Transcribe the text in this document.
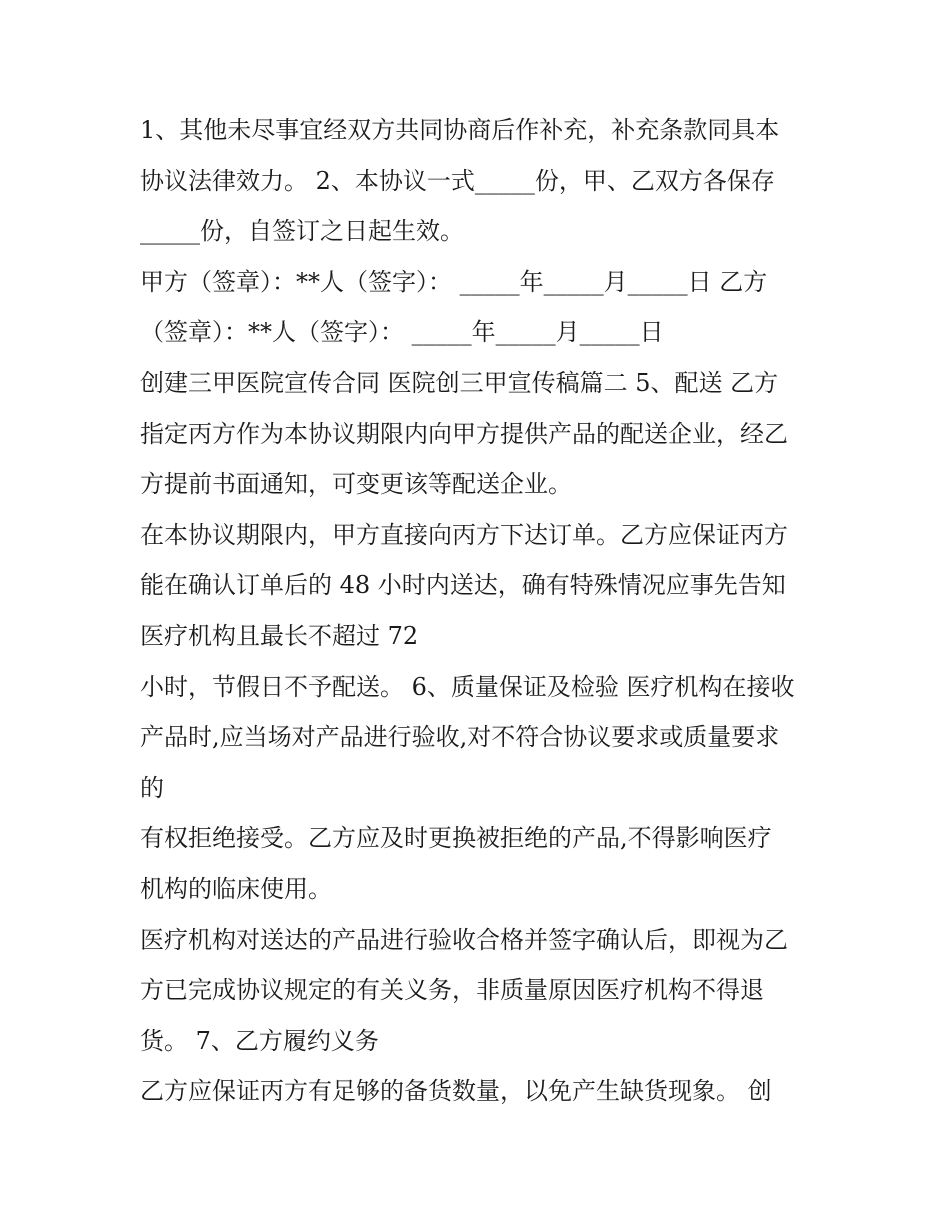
1、其他未尽事宜经双方共同协商后作补充，补充条款同具本
协议法律效力。 2、本协议一式_____份，甲、乙双方各保存
_____份，自签订之日起生效。
甲方（签章）：**人（签字）： _____年_____月_____日 乙方
（签章）：**人（签字）： _____年_____月_____日
创建三甲医院宣传合同 医院创三甲宣传稿篇二 5、配送 乙方
指定丙方作为本协议期限内向甲方提供产品的配送企业，经乙
方提前书面通知，可变更该等配送企业。
在本协议期限内，甲方直接向丙方下达订单。乙方应保证丙方
能在确认订单后的 48 小时内送达，确有特殊情况应事先告知
医疗机构且最长不超过 72
小时，节假日不予配送。 6、质量保证及检验 医疗机构在接收
产品时,应当场对产品进行验收,对不符合协议要求或质量要求
的
有权拒绝接受。乙方应及时更换被拒绝的产品,不得影响医疗
机构的临床使用。
医疗机构对送达的产品进行验收合格并签字确认后，即视为乙
方已完成协议规定的有关义务，非质量原因医疗机构不得退
货。 7、乙方履约义务
乙方应保证丙方有足够的备货数量，以免产生缺货现象。 创
